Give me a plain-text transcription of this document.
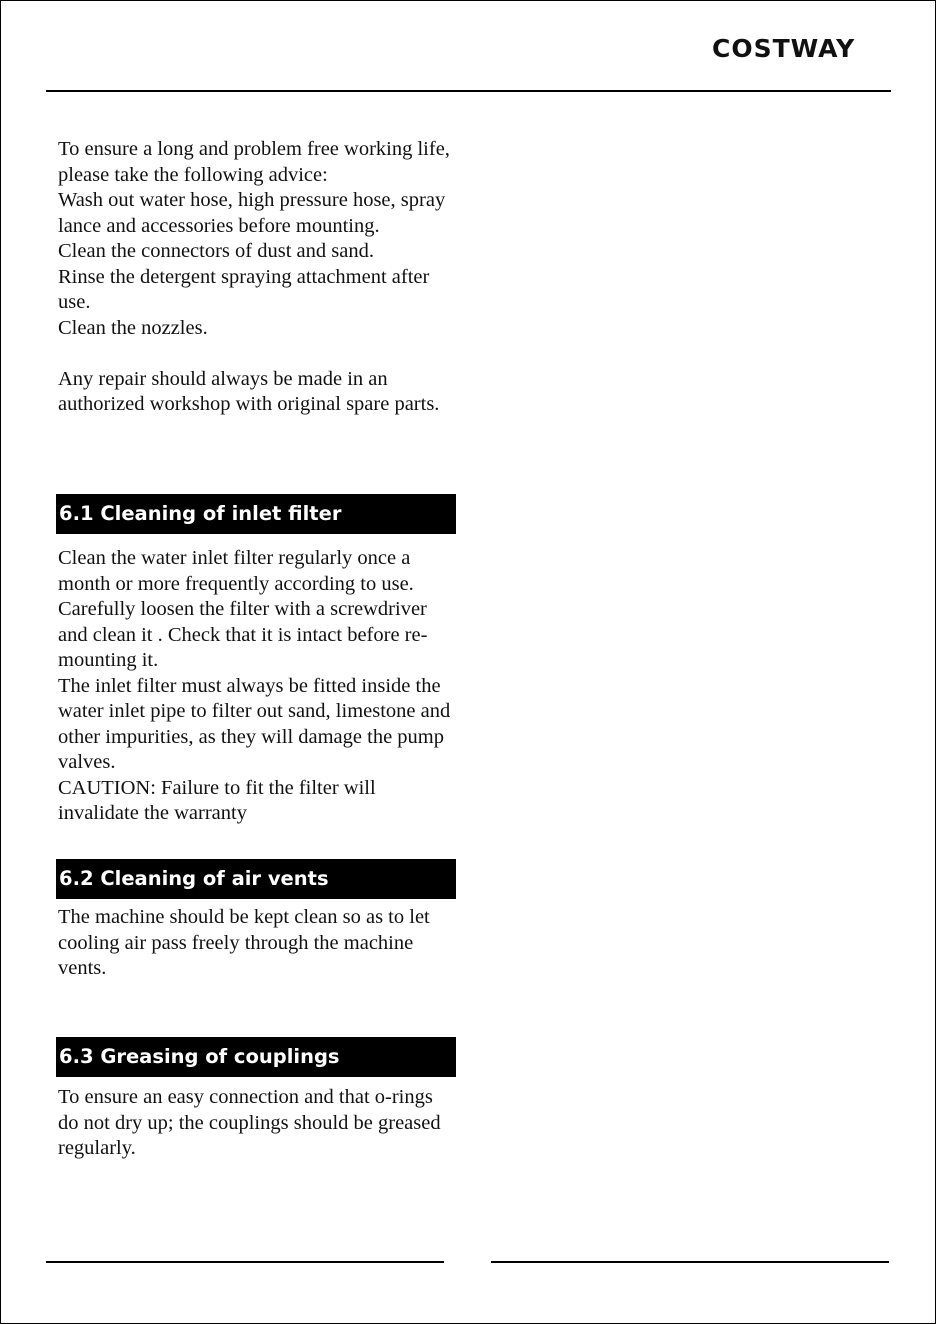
COSTWAY

To ensure a long and problem free working life, please take the following advice:

Wash out water hose, high pressure hose, spray lance and accessories before mounting.

Clean the connectors of dust and sand.

Rinse the detergent spraying attachment after use.

Clean the nozzles.

Any repair should always be made in an authorized workshop with original spare parts.

6.1 Cleaning of inlet filter

Clean the water inlet filter regularly once a month or more frequently according to use. Carefully loosen the filter with a screwdriver and clean it . Check that it is intact before re-mounting it.

The inlet filter must always be fitted inside the water inlet pipe to filter out sand, limestone and other impurities, as they will damage the pump valves.

CAUTION: Failure to fit the filter will invalidate the warranty

6.2 Cleaning of air vents

The machine should be kept clean so as to let cooling air pass freely through the machine vents.

6.3 Greasing of couplings

To ensure an easy connection and that o-rings do not dry up; the couplings should be greased regularly.
